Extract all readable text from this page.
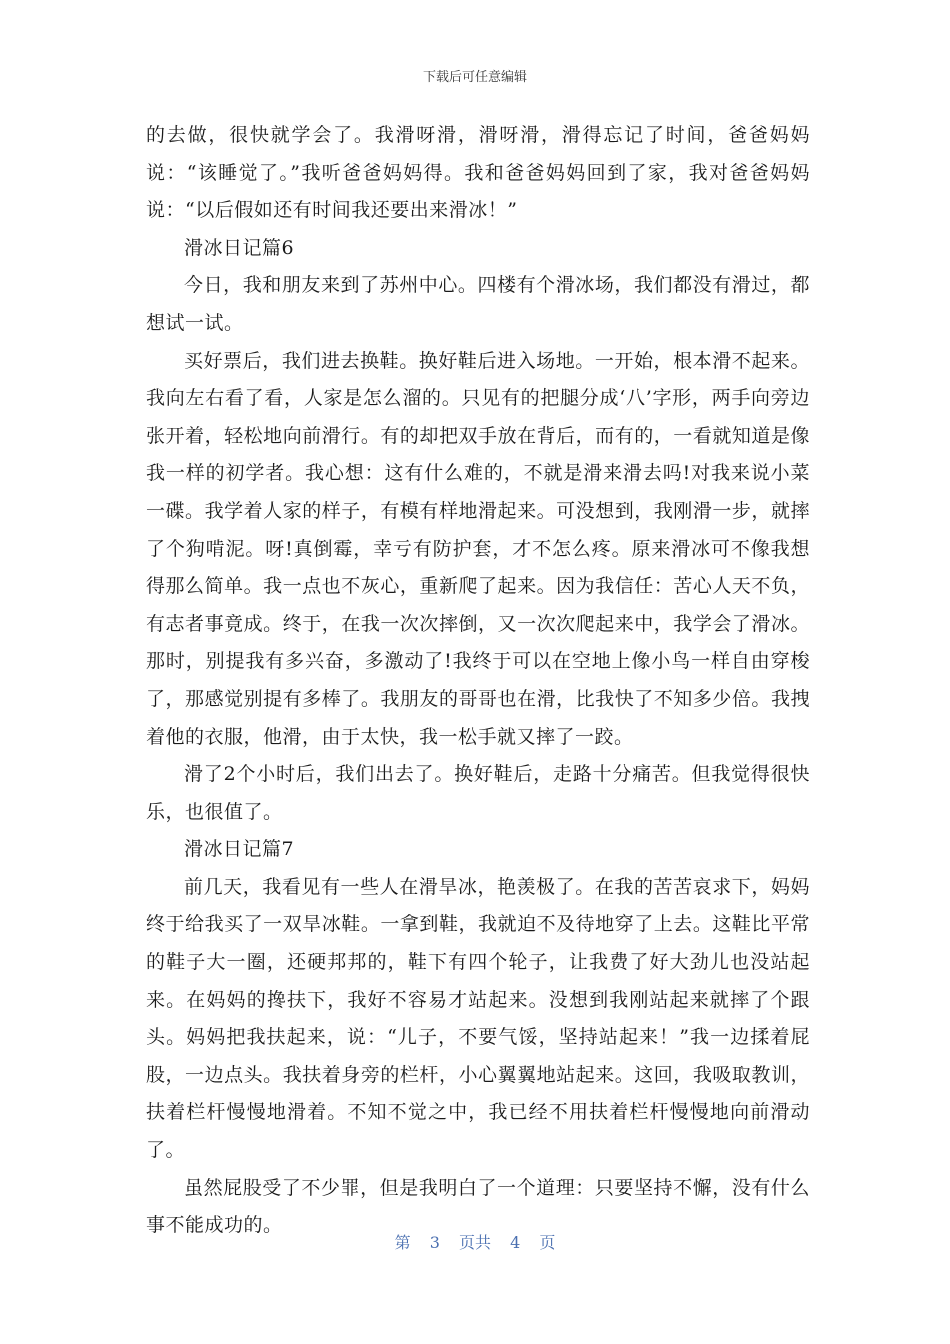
下载后可任意编辑

的去做，很快就学会了。我滑呀滑，滑呀滑，滑得忘记了时间，爸爸妈妈说：“该睡觉了。”我听爸爸妈妈得。我和爸爸妈妈回到了家，我对爸爸妈妈说：“以后假如还有时间我还要出来滑冰！”

滑冰日记篇6

今日，我和朋友来到了苏州中心。四楼有个滑冰场，我们都没有滑过，都想试一试。

买好票后，我们进去换鞋。换好鞋后进入场地。一开始，根本滑不起来。我向左右看了看，人家是怎么溜的。只见有的把腿分成‘八’字形，两手向旁边张开着，轻松地向前滑行。有的却把双手放在背后，而有的，一看就知道是像我一样的初学者。我心想：这有什么难的，不就是滑来滑去吗!对我来说小菜一碟。我学着人家的样子，有模有样地滑起来。可没想到，我刚滑一步，就摔了个狗啃泥。呀!真倒霉，幸亏有防护套，才不怎么疼。原来滑冰可不像我想得那么简单。我一点也不灰心，重新爬了起来。因为我信任：苦心人天不负，有志者事竟成。终于，在我一次次摔倒，又一次次爬起来中，我学会了滑冰。那时，别提我有多兴奋，多激动了!我终于可以在空地上像小鸟一样自由穿梭了，那感觉别提有多棒了。我朋友的哥哥也在滑，比我快了不知多少倍。我拽着他的衣服，他滑，由于太快，我一松手就又摔了一跤。

滑了2个小时后，我们出去了。换好鞋后，走路十分痛苦。但我觉得很快乐，也很值了。

滑冰日记篇7

前几天，我看见有一些人在滑旱冰，艳羡极了。在我的苦苦哀求下，妈妈终于给我买了一双旱冰鞋。一拿到鞋，我就迫不及待地穿了上去。这鞋比平常的鞋子大一圈，还硬邦邦的，鞋下有四个轮子，让我费了好大劲儿也没站起来。在妈妈的搀扶下，我好不容易才站起来。没想到我刚站起来就摔了个跟头。妈妈把我扶起来，说：“儿子，不要气馁，坚持站起来！”我一边揉着屁股，一边点头。我扶着身旁的栏杆，小心翼翼地站起来。这回，我吸取教训，扶着栏杆慢慢地滑着。不知不觉之中，我已经不用扶着栏杆慢慢地向前滑动了。

虽然屁股受了不少罪，但是我明白了一个道理：只要坚持不懈，没有什么事不能成功的。

第 3 页共 4 页
